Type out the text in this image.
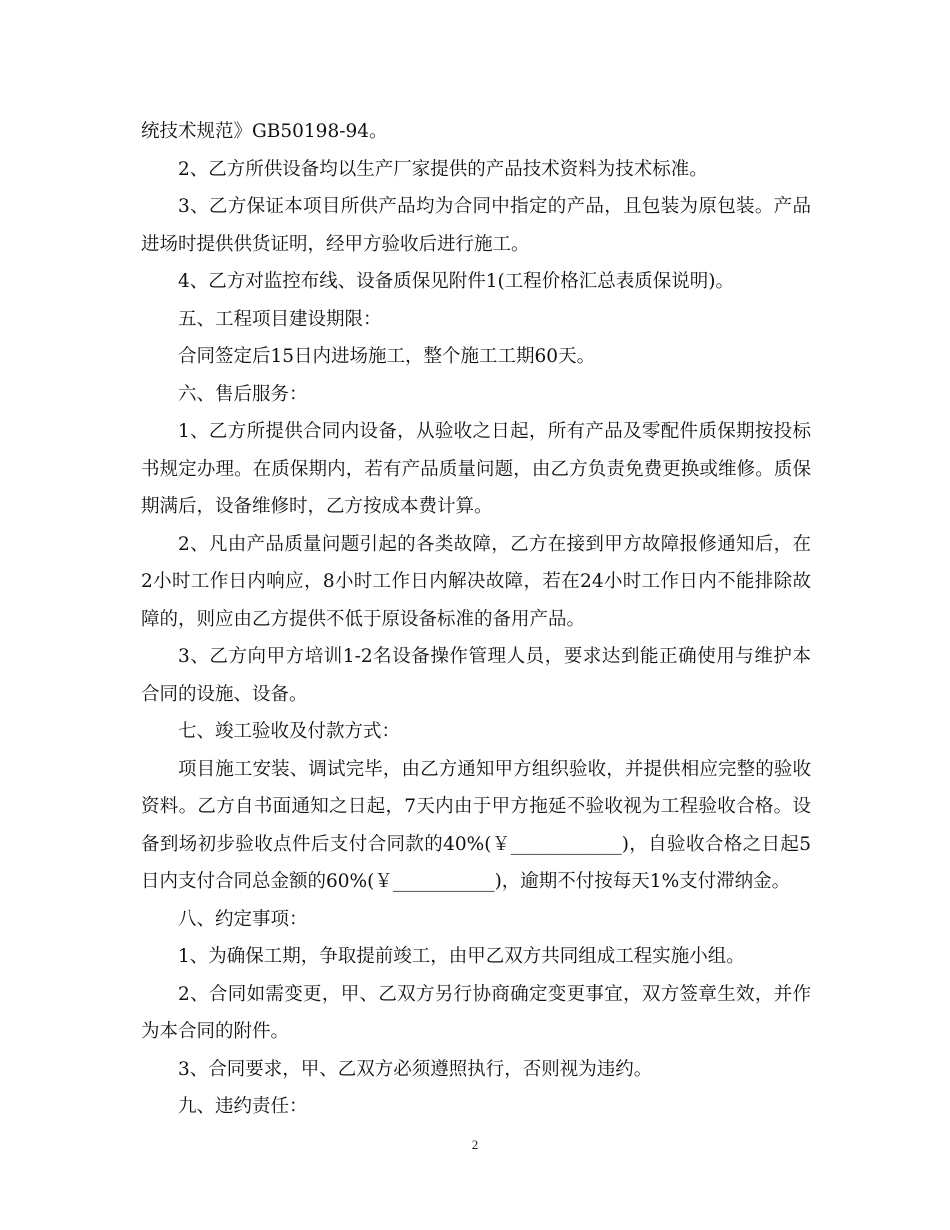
统技术规范》GB50198-94。

2、乙方所供设备均以生产厂家提供的产品技术资料为技术标准。

3、乙方保证本项目所供产品均为合同中指定的产品，且包装为原包装。产品进场时提供供货证明，经甲方验收后进行施工。

4、乙方对监控布线、设备质保见附件1(工程价格汇总表质保说明)。

五、工程项目建设期限：

合同签定后15日内进场施工，整个施工工期60天。

六、售后服务：

1、乙方所提供合同内设备，从验收之日起，所有产品及零配件质保期按投标书规定办理。在质保期内，若有产品质量问题，由乙方负责免费更换或维修。质保期满后，设备维修时，乙方按成本费计算。

2、凡由产品质量问题引起的各类故障，乙方在接到甲方故障报修通知后，在2小时工作日内响应，8小时工作日内解决故障，若在24小时工作日内不能排除故障的，则应由乙方提供不低于原设备标准的备用产品。

3、乙方向甲方培训1-2名设备操作管理人员，要求达到能正确使用与维护本合同的设施、设备。

七、竣工验收及付款方式：

项目施工安装、调试完毕，由乙方通知甲方组织验收，并提供相应完整的验收资料。乙方自书面通知之日起，7天内由于甲方拖延不验收视为工程验收合格。设备到场初步验收点件后支付合同款的40%(￥____________)，自验收合格之日起5日内支付合同总金额的60%(￥___________)，逾期不付按每天1%支付滞纳金。

八、约定事项：

1、为确保工期，争取提前竣工，由甲乙双方共同组成工程实施小组。

2、合同如需变更，甲、乙双方另行协商确定变更事宜，双方签章生效，并作为本合同的附件。

3、合同要求，甲、乙双方必须遵照执行，否则视为违约。

九、违约责任：

2
